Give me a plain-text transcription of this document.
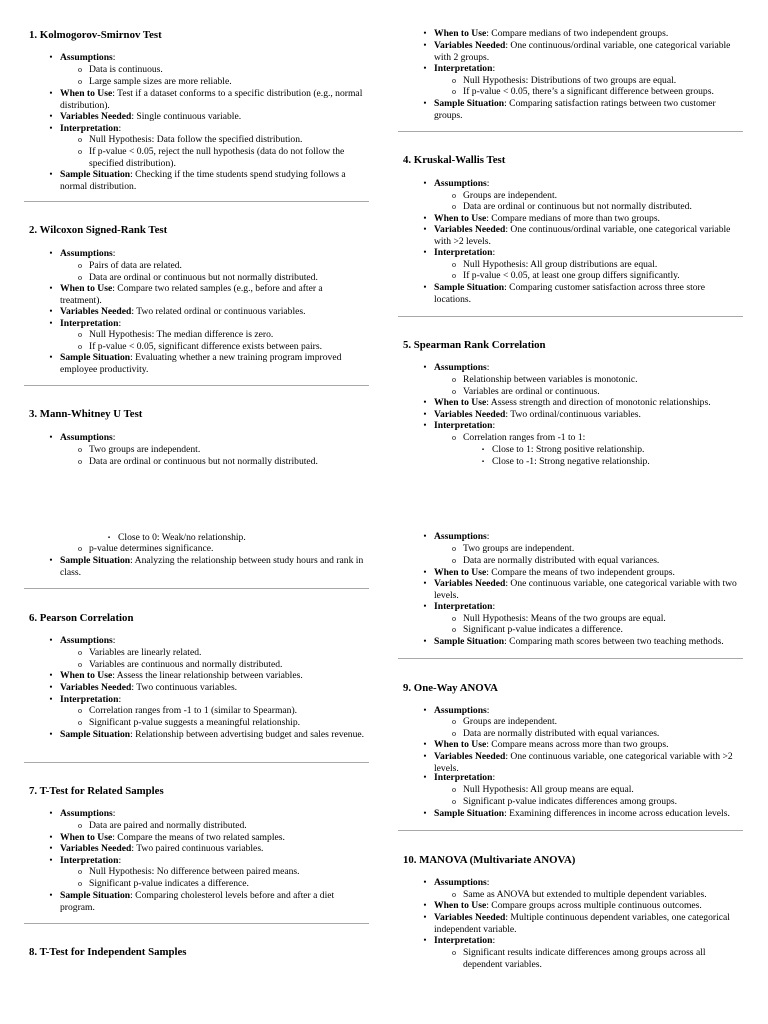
1. Kolmogorov-Smirnov Test
• Assumptions:
o Data is continuous.
o Large sample sizes are more reliable.
• When to Use: Test if a dataset conforms to a specific distribution (e.g., normal distribution).
• Variables Needed: Single continuous variable.
• Interpretation:
o Null Hypothesis: Data follow the specified distribution.
o If p-value < 0.05, reject the null hypothesis (data do not follow the specified distribution).
• Sample Situation: Checking if the time students spend studying follows a normal distribution.
2. Wilcoxon Signed-Rank Test
• Assumptions:
o Pairs of data are related.
o Data are ordinal or continuous but not normally distributed.
• When to Use: Compare two related samples (e.g., before and after a treatment).
• Variables Needed: Two related ordinal or continuous variables.
• Interpretation:
o Null Hypothesis: The median difference is zero.
o If p-value < 0.05, significant difference exists between pairs.
• Sample Situation: Evaluating whether a new training program improved employee productivity.
3. Mann-Whitney U Test
• Assumptions:
o Two groups are independent.
o Data are ordinal or continuous but not normally distributed.
▪ Close to 0: Weak/no relationship.
o p-value determines significance.
• Sample Situation: Analyzing the relationship between study hours and rank in class.
6. Pearson Correlation
• Assumptions:
o Variables are linearly related.
o Variables are continuous and normally distributed.
• When to Use: Assess the linear relationship between variables.
• Variables Needed: Two continuous variables.
• Interpretation:
o Correlation ranges from -1 to 1 (similar to Spearman).
o Significant p-value suggests a meaningful relationship.
• Sample Situation: Relationship between advertising budget and sales revenue.
7. T-Test for Related Samples
• Assumptions:
o Data are paired and normally distributed.
• When to Use: Compare the means of two related samples.
• Variables Needed: Two paired continuous variables.
• Interpretation:
o Null Hypothesis: No difference between paired means.
o Significant p-value indicates a difference.
• Sample Situation: Comparing cholesterol levels before and after a diet program.
8. T-Test for Independent Samples
• When to Use: Compare medians of two independent groups.
• Variables Needed: One continuous/ordinal variable, one categorical variable with 2 groups.
• Interpretation:
o Null Hypothesis: Distributions of two groups are equal.
o If p-value < 0.05, there’s a significant difference between groups.
• Sample Situation: Comparing satisfaction ratings between two customer groups.
4. Kruskal-Wallis Test
• Assumptions:
o Groups are independent.
o Data are ordinal or continuous but not normally distributed.
• When to Use: Compare medians of more than two groups.
• Variables Needed: One continuous/ordinal variable, one categorical variable with >2 levels.
• Interpretation:
o Null Hypothesis: All group distributions are equal.
o If p-value < 0.05, at least one group differs significantly.
• Sample Situation: Comparing customer satisfaction across three store locations.
5. Spearman Rank Correlation
• Assumptions:
o Relationship between variables is monotonic.
o Variables are ordinal or continuous.
• When to Use: Assess strength and direction of monotonic relationships.
• Variables Needed: Two ordinal/continuous variables.
• Interpretation:
o Correlation ranges from -1 to 1:
▪ Close to 1: Strong positive relationship.
▪ Close to -1: Strong negative relationship.
• Assumptions:
o Two groups are independent.
o Data are normally distributed with equal variances.
• When to Use: Compare the means of two independent groups.
• Variables Needed: One continuous variable, one categorical variable with two levels.
• Interpretation:
o Null Hypothesis: Means of the two groups are equal.
o Significant p-value indicates a difference.
• Sample Situation: Comparing math scores between two teaching methods.
9. One-Way ANOVA
• Assumptions:
o Groups are independent.
o Data are normally distributed with equal variances.
• When to Use: Compare means across more than two groups.
• Variables Needed: One continuous variable, one categorical variable with >2 levels.
• Interpretation:
o Null Hypothesis: All group means are equal.
o Significant p-value indicates differences among groups.
• Sample Situation: Examining differences in income across education levels.
10. MANOVA (Multivariate ANOVA)
• Assumptions:
o Same as ANOVA but extended to multiple dependent variables.
• When to Use: Compare groups across multiple continuous outcomes.
• Variables Needed: Multiple continuous dependent variables, one categorical independent variable.
• Interpretation:
o Significant results indicate differences among groups across all dependent variables.
